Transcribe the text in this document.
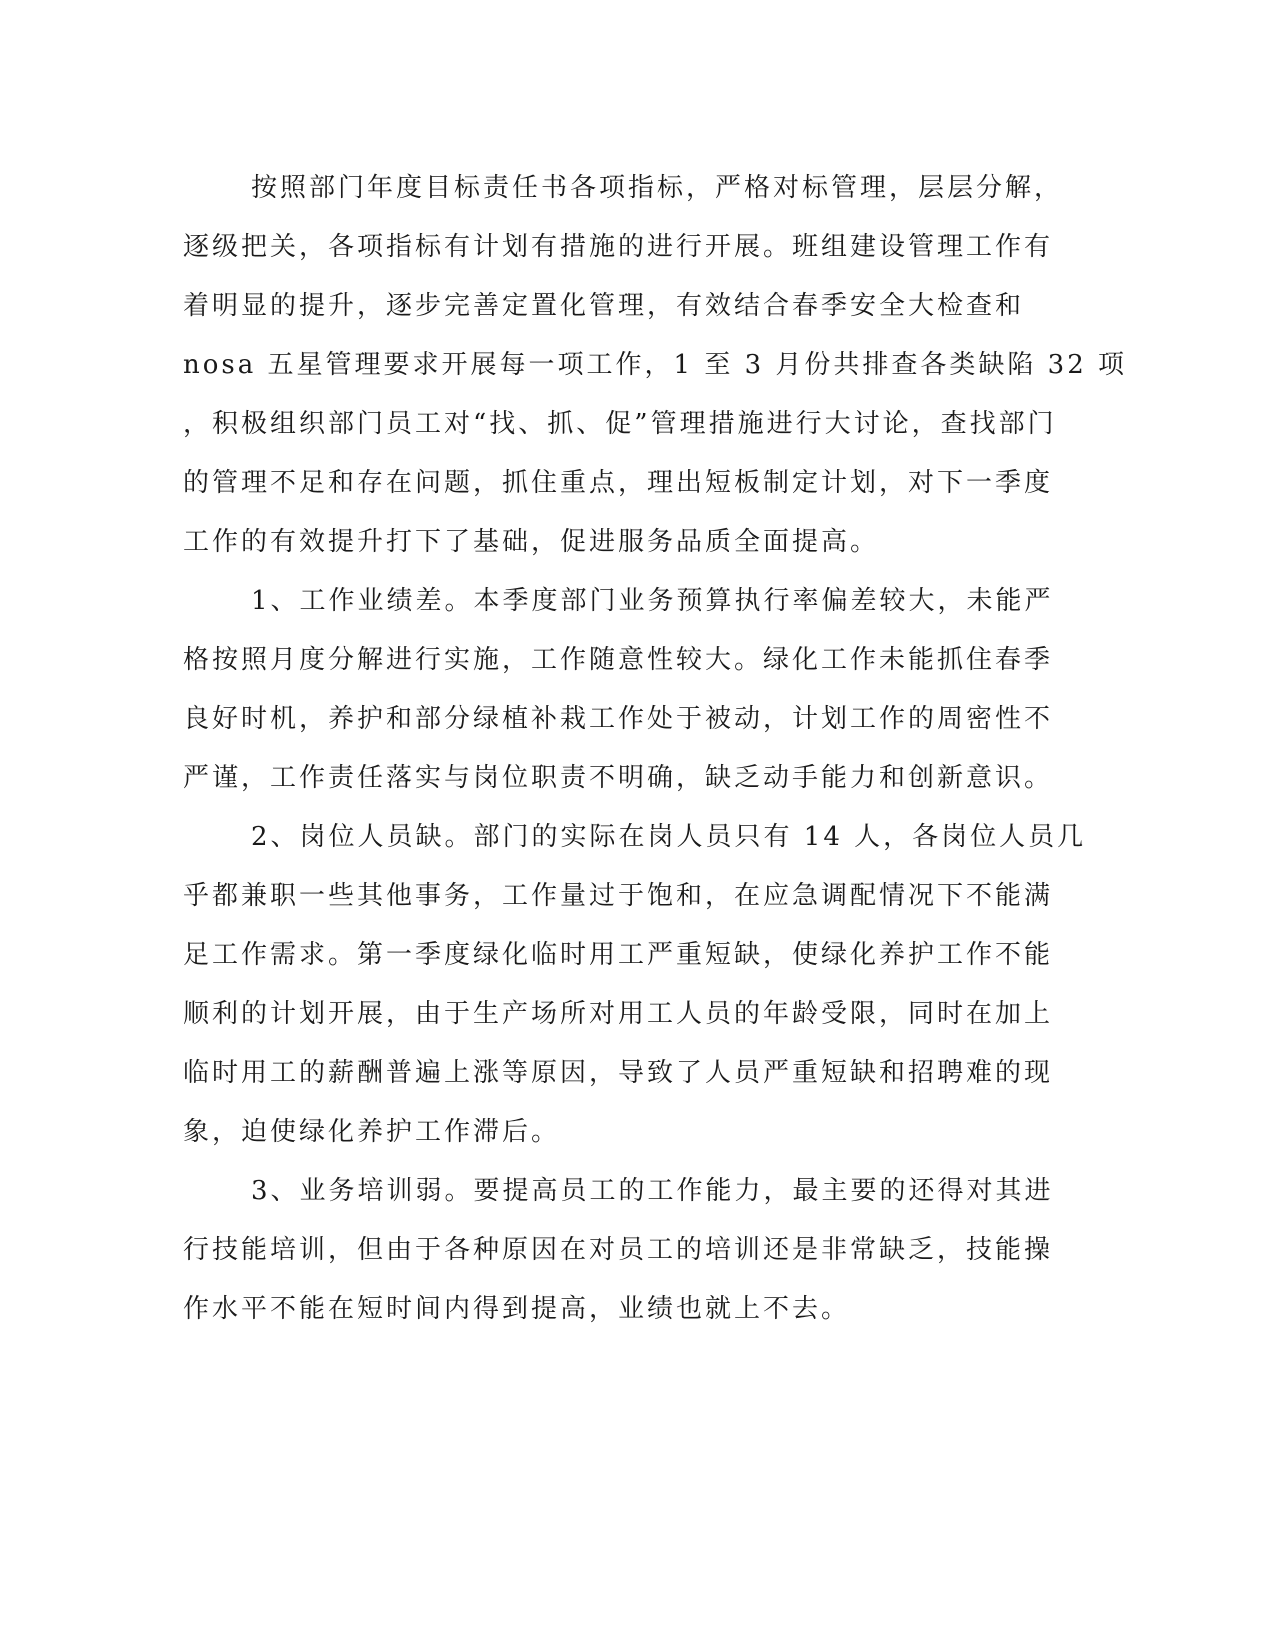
按照部门年度目标责任书各项指标，严格对标管理，层层分解，
逐级把关，各项指标有计划有措施的进行开展。班组建设管理工作有
着明显的提升，逐步完善定置化管理，有效结合春季安全大检查和
nosa 五星管理要求开展每一项工作，1 至 3 月份共排查各类缺陷 32 项
，积极组织部门员工对“找、抓、促”管理措施进行大讨论，查找部门
的管理不足和存在问题，抓住重点，理出短板制定计划，对下一季度
工作的有效提升打下了基础，促进服务品质全面提高。
1、工作业绩差。本季度部门业务预算执行率偏差较大，未能严
格按照月度分解进行实施，工作随意性较大。绿化工作未能抓住春季
良好时机，养护和部分绿植补栽工作处于被动，计划工作的周密性不
严谨，工作责任落实与岗位职责不明确，缺乏动手能力和创新意识。
2、岗位人员缺。部门的实际在岗人员只有 14 人，各岗位人员几
乎都兼职一些其他事务，工作量过于饱和，在应急调配情况下不能满
足工作需求。第一季度绿化临时用工严重短缺，使绿化养护工作不能
顺利的计划开展，由于生产场所对用工人员的年龄受限，同时在加上
临时用工的薪酬普遍上涨等原因，导致了人员严重短缺和招聘难的现
象，迫使绿化养护工作滞后。
3、业务培训弱。要提高员工的工作能力，最主要的还得对其进
行技能培训，但由于各种原因在对员工的培训还是非常缺乏，技能操
作水平不能在短时间内得到提高，业绩也就上不去。
